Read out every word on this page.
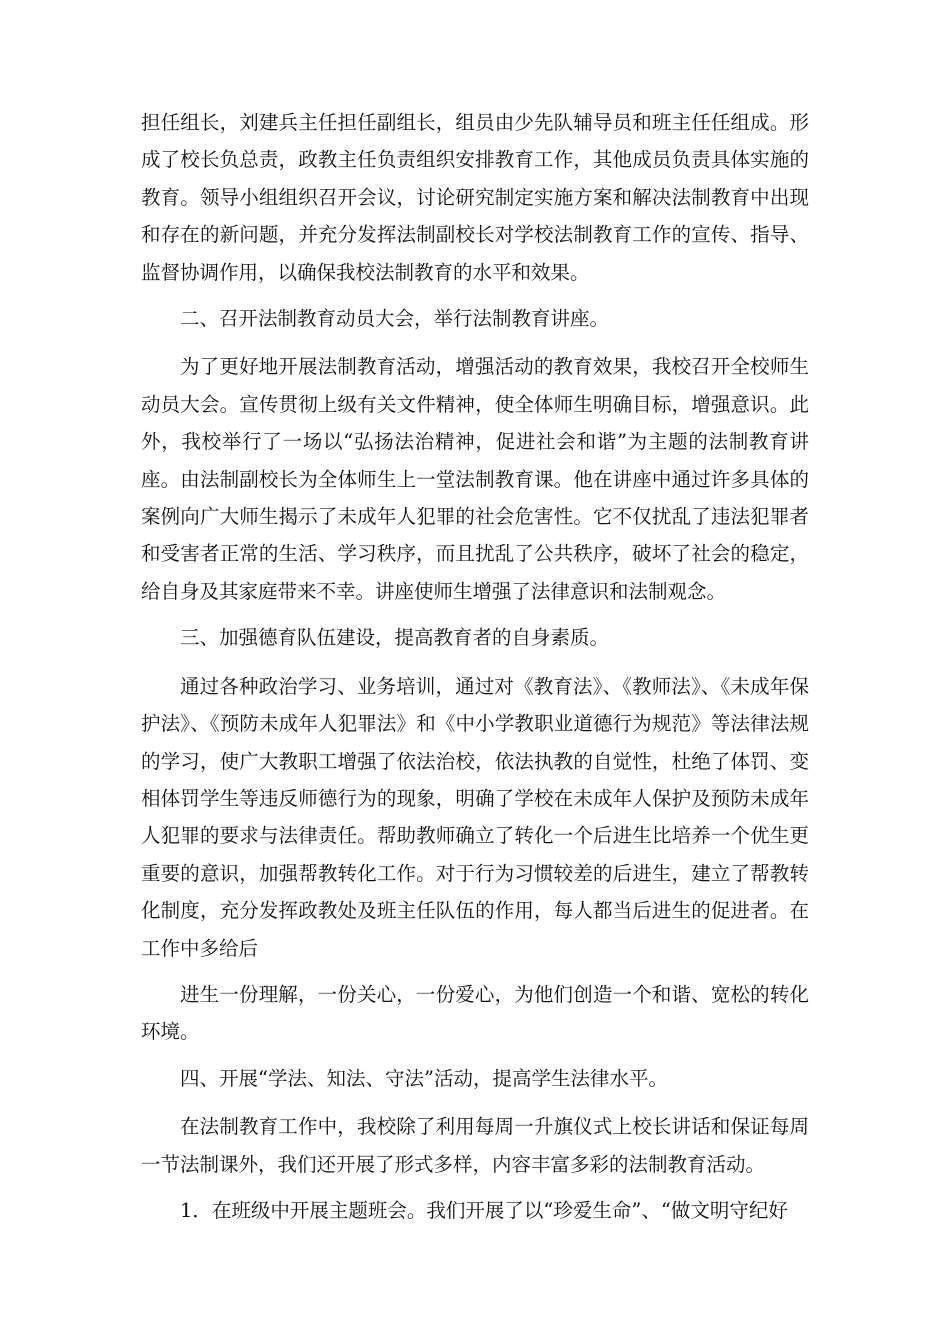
担任组长，刘建兵主任担任副组长，组员由少先队辅导员和班主任任组成。形成了校长负总责，政教主任负责组织安排教育工作，其他成员负责具体实施的教育。领导小组组织召开会议，讨论研究制定实施方案和解决法制教育中出现和存在的新问题，并充分发挥法制副校长对学校法制教育工作的宣传、指导、监督协调作用，以确保我校法制教育的水平和效果。

二、召开法制教育动员大会，举行法制教育讲座。

为了更好地开展法制教育活动，增强活动的教育效果，我校召开全校师生动员大会。宣传贯彻上级有关文件精神，使全体师生明确目标，增强意识。此外，我校举行了一场以“弘扬法治精神，促进社会和谐”为主题的法制教育讲座。由法制副校长为全体师生上一堂法制教育课。他在讲座中通过许多具体的案例向广大师生揭示了未成年人犯罪的社会危害性。它不仅扰乱了违法犯罪者和受害者正常的生活、学习秩序，而且扰乱了公共秩序，破坏了社会的稳定，给自身及其家庭带来不幸。讲座使师生增强了法律意识和法制观念。

三、加强德育队伍建设，提高教育者的自身素质。

通过各种政治学习、业务培训，通过对《教育法》、《教师法》、《未成年保护法》、《预防未成年人犯罪法》和《中小学教职业道德行为规范》等法律法规的学习，使广大教职工增强了依法治校，依法执教的自觉性，杜绝了体罚、变相体罚学生等违反师德行为的现象，明确了学校在未成年人保护及预防未成年人犯罪的要求与法律责任。帮助教师确立了转化一个后进生比培养一个优生更重要的意识，加强帮教转化工作。对于行为习惯较差的后进生，建立了帮教转化制度，充分发挥政教处及班主任队伍的作用，每人都当后进生的促进者。在工作中多给后

进生一份理解，一份关心，一份爱心，为他们创造一个和谐、宽松的转化环境。

四、开展“学法、知法、守法”活动，提高学生法律水平。

在法制教育工作中，我校除了利用每周一升旗仪式上校长讲话和保证每周一节法制课外，我们还开展了形式多样，内容丰富多彩的法制教育活动。

1．在班级中开展主题班会。我们开展了以“珍爱生命”、“做文明守纪好
